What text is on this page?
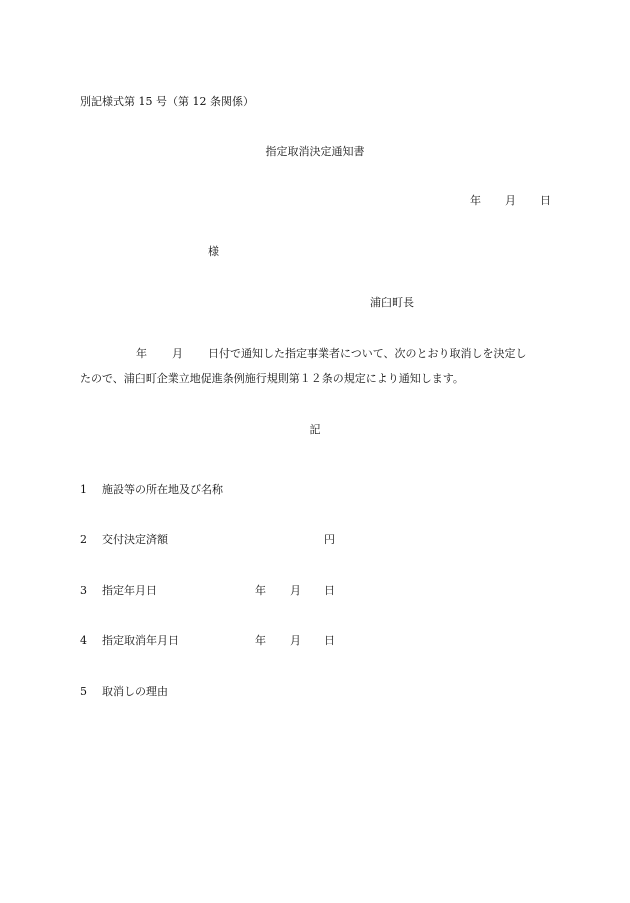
別記様式第 15 号（第 12 条関係）
指定取消決定通知書
年 月 日
様
浦臼町長
年 月 日付で通知した指定事業者について、次のとおり取消しを決定し
たので、浦臼町企業立地促進条例施行規則第１２条の規定により通知します。
記
1 施設等の所在地及び名称
2 交付決定済額	円
3 指定年月日	年 月 日
4 指定取消年月日	年 月 日
5 取消しの理由
